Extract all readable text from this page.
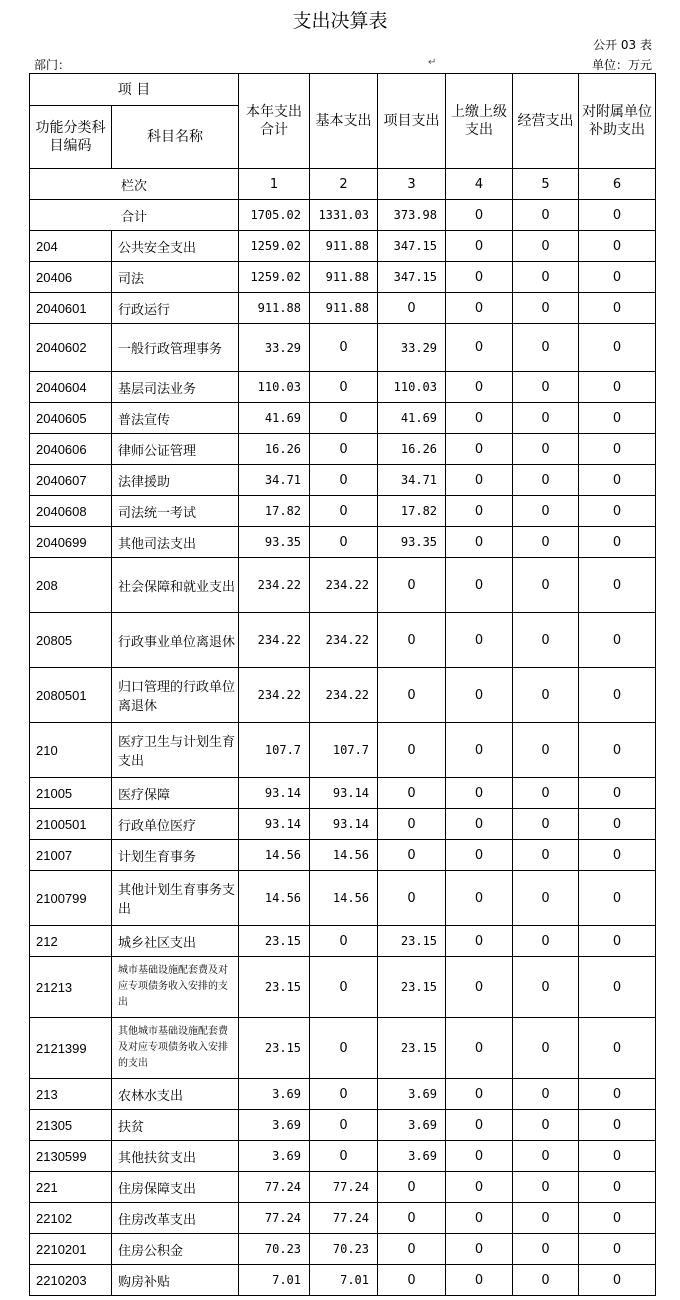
支出决算表
公开 03 表
部门：	单位：万元
↵
项 目		本年支出合计	基本支出	项目支出	上缴上级支出	经营支出	对附属单位补助支出
功能分类科目编码	科目名称						
栏次		1	2	3	4	5	6
合计		1705.02	1331.03	373.98	0	0	0
204	公共安全支出	1259.02	911.88	347.15	0	0	0
20406	司法	1259.02	911.88	347.15	0	0	0
2040601	行政运行	911.88	911.88	0	0	0	0
2040602	一般行政管理事务	33.29	0	33.29	0	0	0
2040604	基层司法业务	110.03	0	110.03	0	0	0
2040605	普法宣传	41.69	0	41.69	0	0	0
2040606	律师公证管理	16.26	0	16.26	0	0	0
2040607	法律援助	34.71	0	34.71	0	0	0
2040608	司法统一考试	17.82	0	17.82	0	0	0
2040699	其他司法支出	93.35	0	93.35	0	0	0
208	社会保障和就业支出	234.22	234.22	0	0	0	0
20805	行政事业单位离退休	234.22	234.22	0	0	0	0
2080501	归口管理的行政单位离退休	234.22	234.22	0	0	0	0
210	医疗卫生与计划生育支出	107.7	107.7	0	0	0	0
21005	医疗保障	93.14	93.14	0	0	0	0
2100501	行政单位医疗	93.14	93.14	0	0	0	0
21007	计划生育事务	14.56	14.56	0	0	0	0
2100799	其他计划生育事务支出	14.56	14.56	0	0	0	0
212	城乡社区支出	23.15	0	23.15	0	0	0
21213	城市基础设施配套费及对应专项债务收入安排的支出	23.15	0	23.15	0	0	0
2121399	其他城市基础设施配套费及对应专项债务收入安排的支出	23.15	0	23.15	0	0	0
213	农林水支出	3.69	0	3.69	0	0	0
21305	扶贫	3.69	0	3.69	0	0	0
2130599	其他扶贫支出	3.69	0	3.69	0	0	0
221	住房保障支出	77.24	77.24	0	0	0	0
22102	住房改革支出	77.24	77.24	0	0	0	0
2210201	住房公积金	70.23	70.23	0	0	0	0
2210203	购房补贴	7.01	7.01	0	0	0	0
